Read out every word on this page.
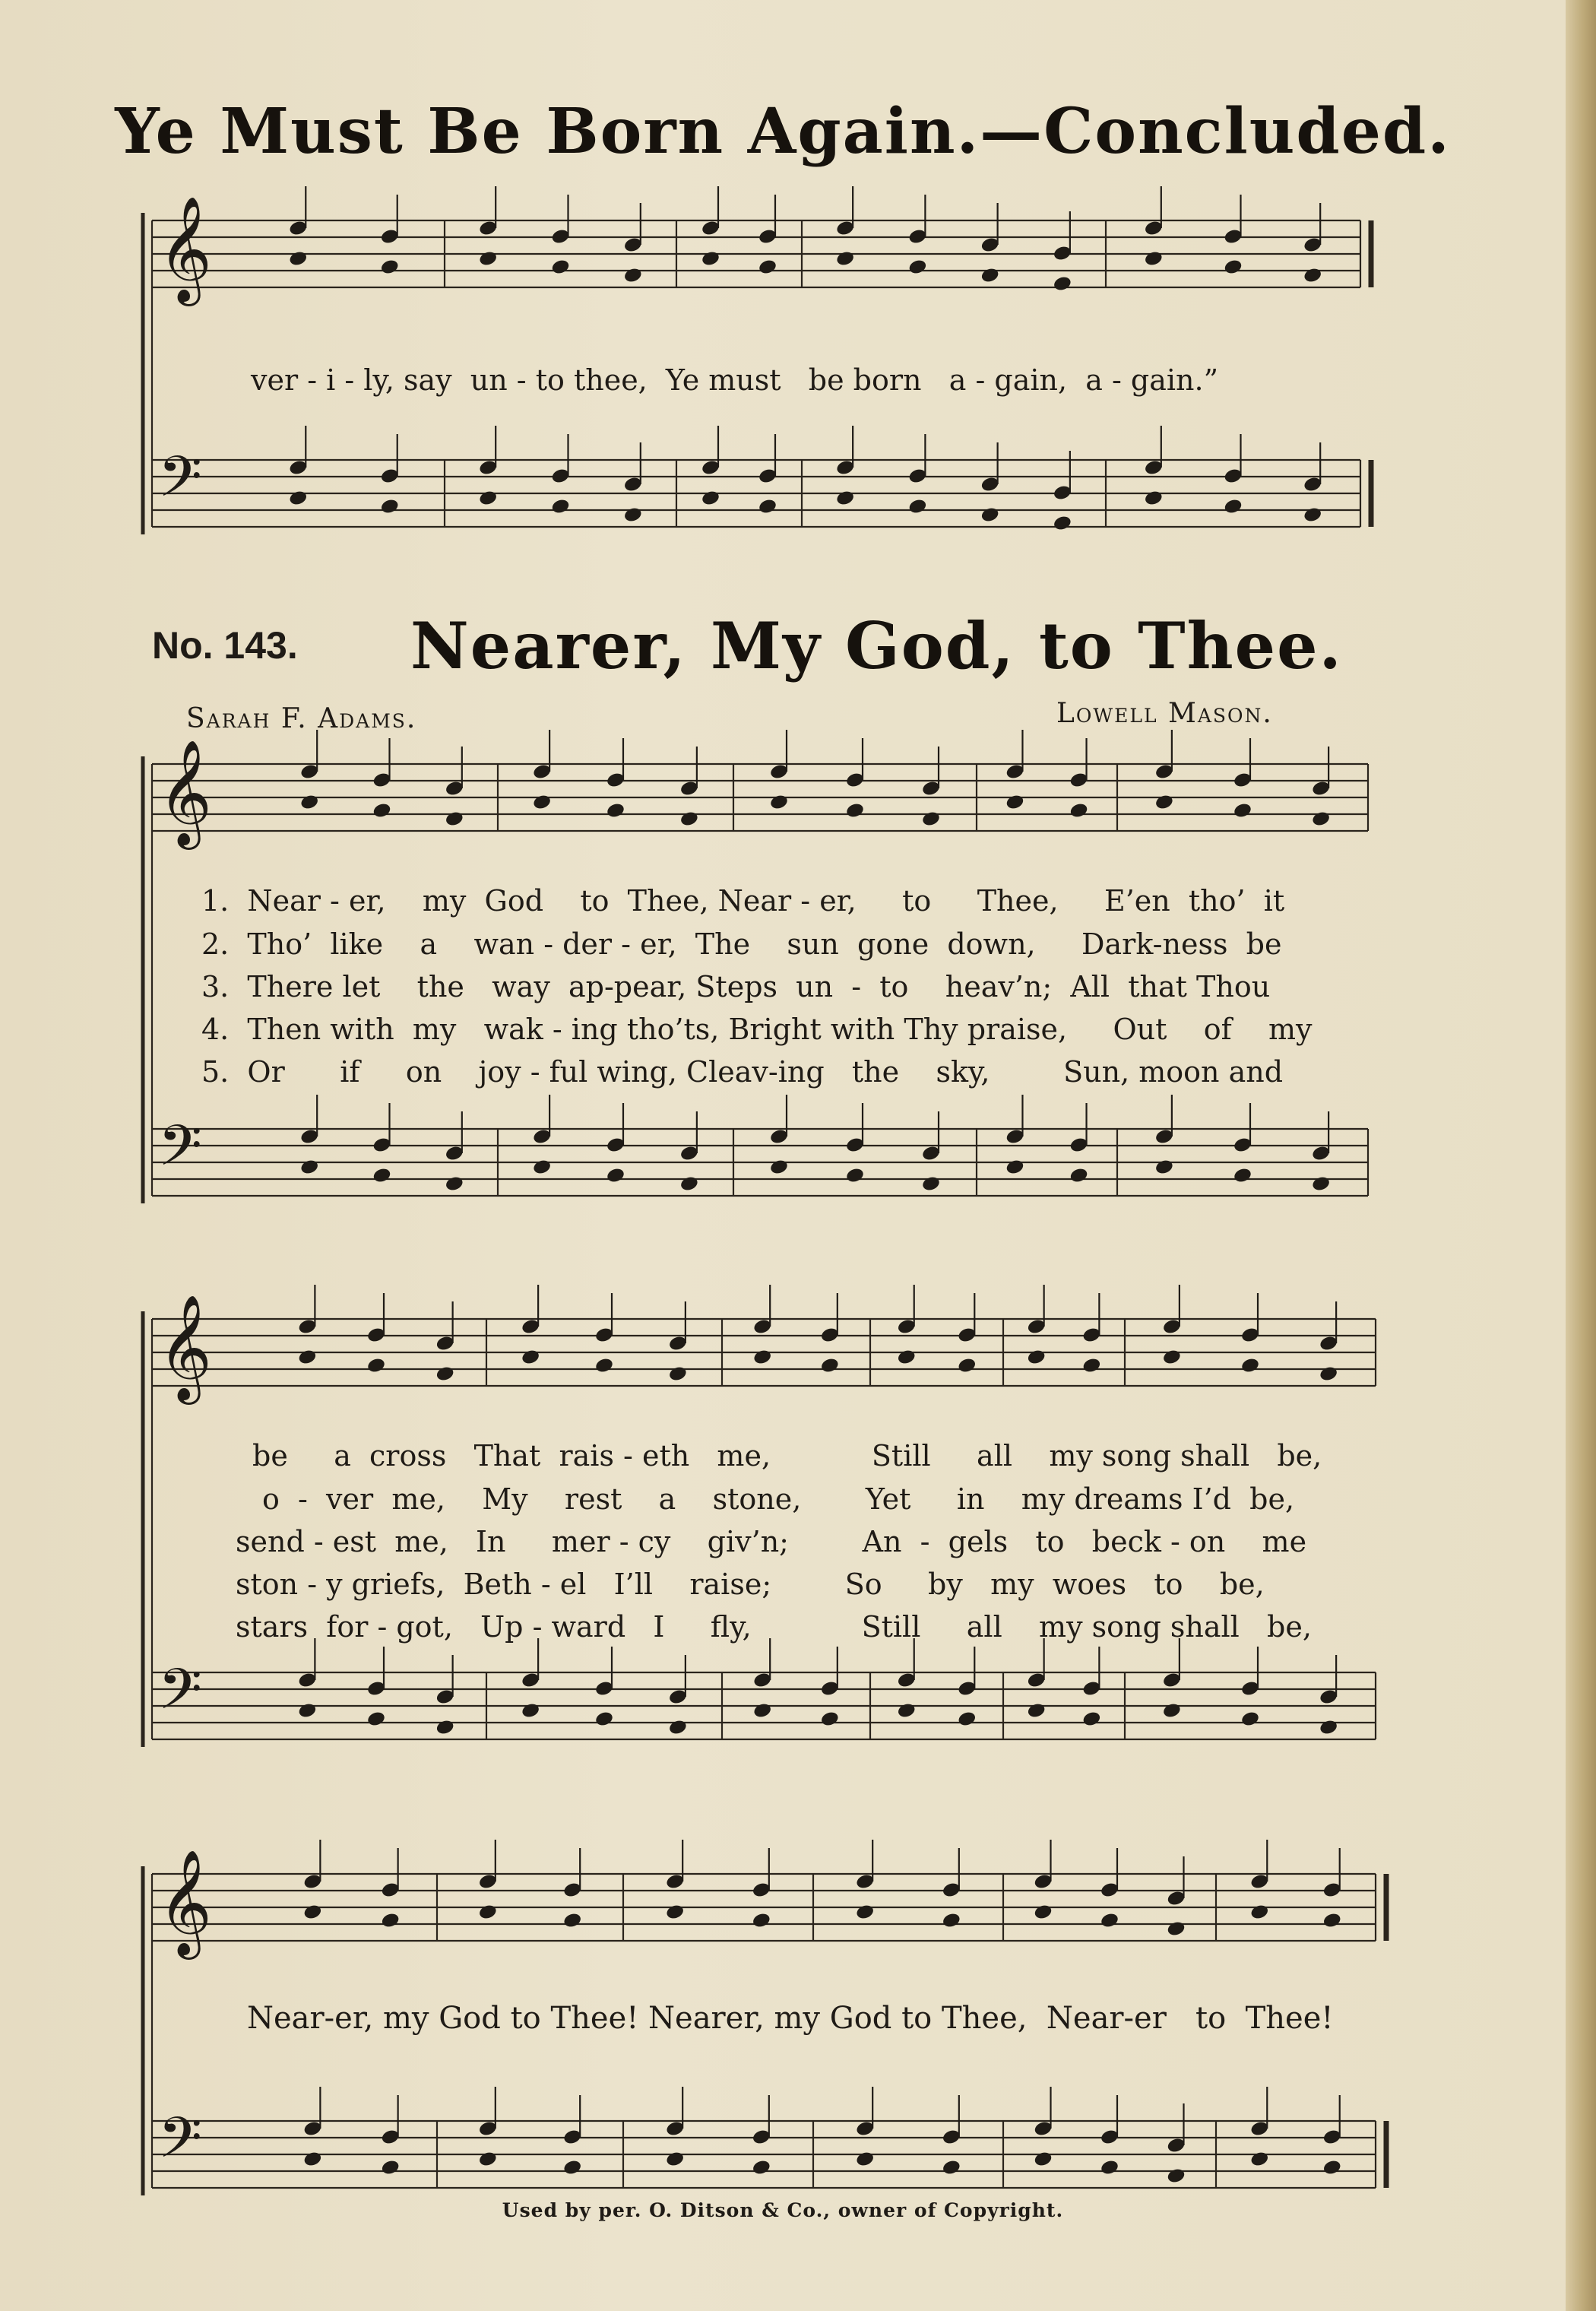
𝄞
𝄢
𝄞
𝄢
𝄞
𝄢
𝄞
𝄢
Ye Must Be Born Again.—Concluded.
ver - i - ly, say  un - to thee,  Ye must   be born   a - gain,  a - gain.”
No. 143. Nearer, My God, to Thee.
Sarah F. Adams.	Lowell Mason.
1.  Near - er,    my  God    to  Thee, Near - er,     to     Thee,     E’en  tho’  it
2.  Tho’  like    a    wan - der - er,  The    sun  gone  down,     Dark-ness  be
3.  There let    the   way  ap-pear, Steps  un  -  to    heav’n;  All  that Thou
4.  Then with  my   wak - ing tho’ts, Bright with Thy praise,     Out    of    my
5.  Or      if     on    joy - ful wing, Cleav-ing   the    sky,        Sun, moon and
be     a  cross   That  rais - eth   me,           Still     all    my song shall   be,
o  -  ver  me,    My    rest    a    stone,       Yet     in    my dreams I’d  be,
send - est  me,   In     mer - cy    giv’n;        An  -  gels   to   beck - on    me
ston - y griefs,  Beth - el   I’ll    raise;        So     by   my  woes   to    be,
stars  for - got,   Up - ward   I     fly,            Still     all    my song shall   be,
Near-er, my God to Thee! Nearer, my God to Thee,  Near-er   to  Thee!
Used by per. O. Ditson & Co., owner of Copyright.
